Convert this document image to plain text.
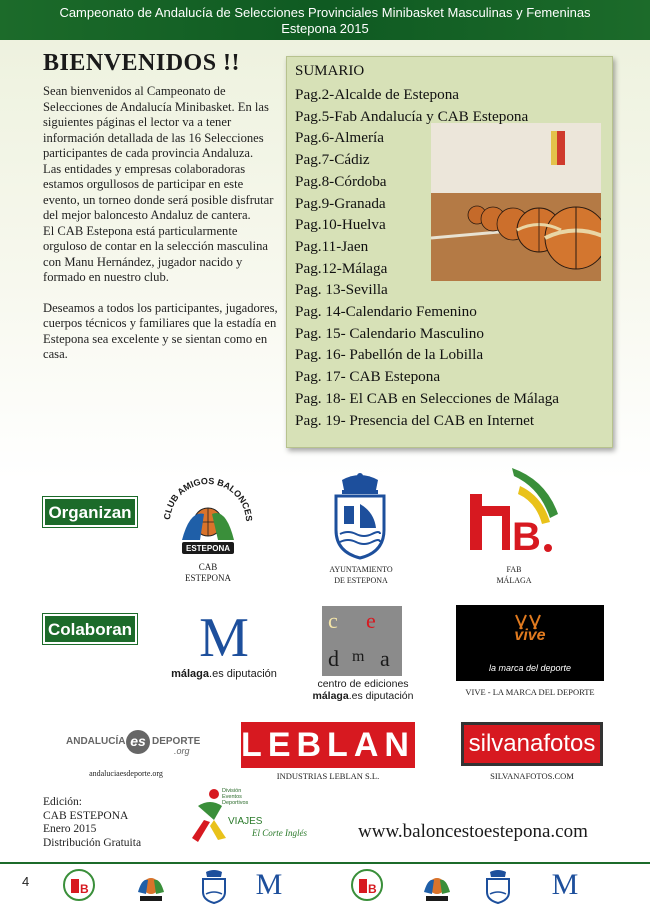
Campeonato de Andalucía de Selecciones Provinciales Minibasket Masculinas y Femeninas
Estepona 2015
BIENVENIDOS !!

Sean bienvenidos al Campeonato de Selecciones de Andalucía Minibasket. En las siguientes páginas el lector va a tener información detallada de las 16 Selecciones participantes de cada provincia Andaluza.

Las entidades y empresas colaboradoras estamos orgullosos de participar en este evento, un torneo donde será posible disfrutar del mejor baloncesto Andaluz de cantera.

El CAB Estepona está particularmente orguloso de contar en la selección masculina con Manu Hernández, jugador nacido y formado en nuestro club.

Deseamos a todos los participantes, jugadores, cuerpos técnicos y familiares que la estadía en Estepona sea excelente y se sientan como en casa.

SUMARIO
Pag.2-Alcalde de Estepona
Pag.5-Fab Andalucía y CAB Estepona
Pag.6-Almería
Pag.7-Cádiz
Pag.8-Córdoba
Pag.9-Granada
Pag.10-Huelva
Pag.11-Jaen
Pag.12-Málaga
Pag. 13-Sevilla
Pag. 14-Calendario Femenino
Pag. 15- Calendario Masculino
Pag. 16- Pabellón de la Lobilla
Pag. 17- CAB Estepona
Pag. 18- El CAB en Selecciones de Málaga
Pag. 19- Presencia del CAB en Internet
Organizan	CLUB AMIGOS BALONCES
ESTEPONA
CAB
ESTEPONA
AYUNTAMIENTO
DE ESTEPONA
B
FAB
MÁLAGA
Colaboran	M
málaga.es diputación
c e
d m a
centro de ediciones
málaga.es diputación
vive
la marca del deporte
VIVE - LA MARCA DEL DEPORTE
ANDALUCÍA es DEPORTE
.org
andaluciaesdeporte.org
LEBLAN
INDUSTRIAS LEBLAN S.L.
silvanafotos
SILVANAFOTOS.COM
Edición:
CAB ESTEPONA
Enero 2015
Distribución Gratuita
División Eventos Deportivos
VIAJES
El Corte Inglés	www.baloncestoestepona.com
4	B	M	B	M
